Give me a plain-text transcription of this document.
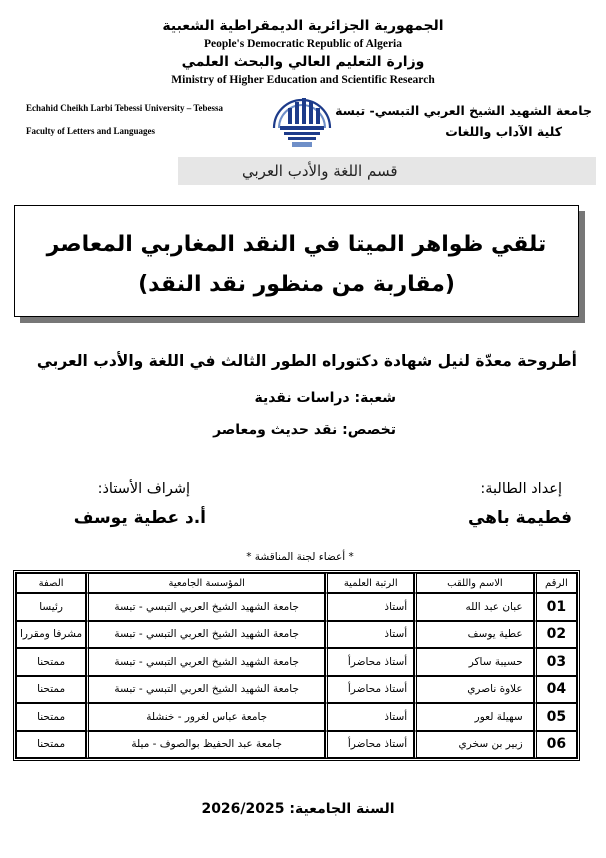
الجمهورية الجزائرية الديمقراطية الشعبية
People's Democratic Republic of Algeria
وزارة التعليم العالي والبحث العلمي
Ministry of Higher Education and Scientific Research
Echahid Cheikh Larbi Tebessi University – Tebessa
Faculty of Letters and Languages
جامعة الشهيد الشيخ العربي التبسي- تبسة
كلية الآداب واللغات
قسم اللغة والأدب العربي
تلقي ظواهر الميتا في النقد المغاربي المعاصر
(مقاربة من منظور نقد النقد)
أطروحة معدّة لنيل شهادة دكتوراه الطور الثالث في اللغة والأدب العربي
شعبة: دراسات نقدية
تخصص: نقد حديث ومعاصر
إعداد الطالبة:
فطيمة باهي
إشراف الأستاذ:
أ.د عطية يوسف
* أعضاء لجنة المناقشة *
الرقم	الاسم واللقب	الرتبة العلمية	المؤسسة الجامعية	الصفة
01	عبان عبد الله	أستاذ	جامعة الشهيد الشيخ العربي التبسي - تبسة	رئيسا
02	عطية يوسف	أستاذ	جامعة الشهيد الشيخ العربي التبسي - تبسة	مشرفا ومقررا
03	حسيبة ساكر	أستاذ محاضرأ	جامعة الشهيد الشيخ العربي التبسي - تبسة	ممتحنا
04	علاوة ناصري	أستاذ محاضرأ	جامعة الشهيد الشيخ العربي التبسي - تبسة	ممتحنا
05	سهيلة لعور	أستاذ	جامعة عباس لغرور - خنشلة	ممتحنا
06	زبير بن سخري	أستاذ محاضرأ	جامعة عبد الحفيظ بوالصوف - ميلة	ممتحنا
السنة الجامعية: 2026/2025
